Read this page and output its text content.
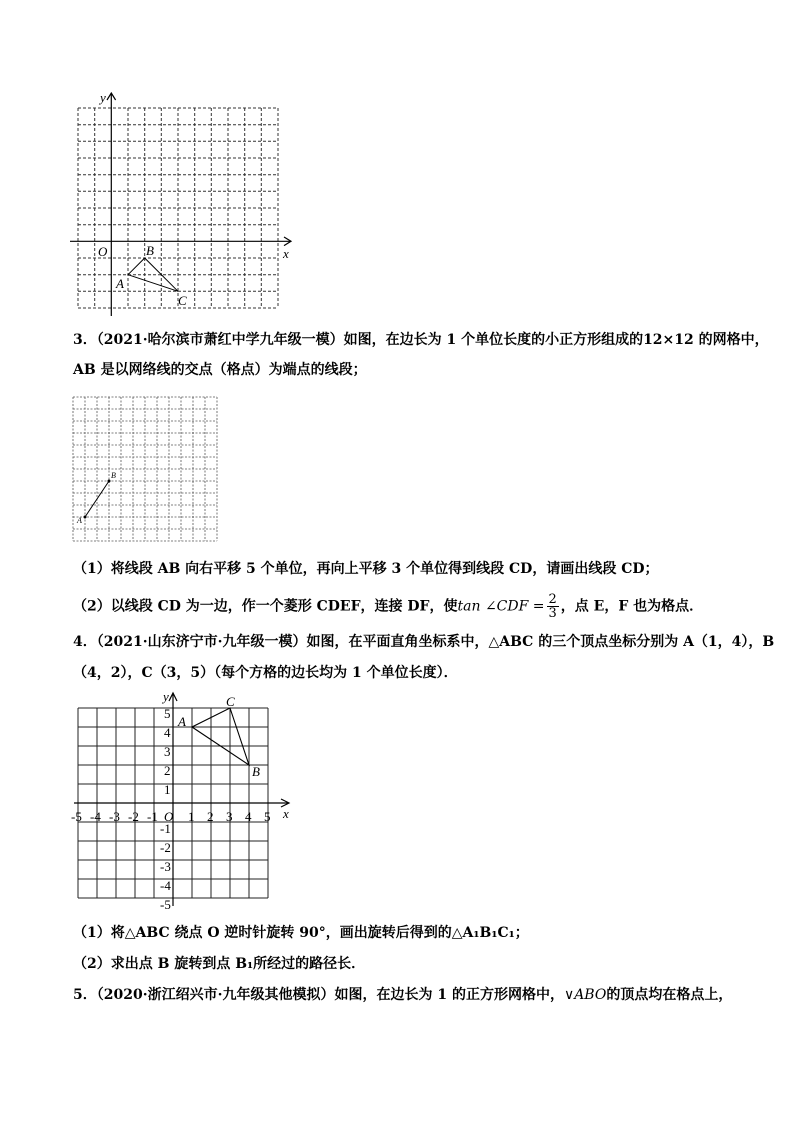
x
y
O
A
B
C
3．（2021·哈尔滨市萧红中学九年级一模）如图，在边长为 1 个单位长度的小正方形组成的12×12 的网格中，
AB 是以网络线的交点（格点）为端点的线段；
A
B
（1）将线段 AB 向右平移 5 个单位，再向上平移 3 个单位得到线段 CD，请画出线段 CD；
（2）以线段 CD 为一边，作一个菱形 CDEF，连接 DF，使tan ∠CDF = $\frac{2}{3}$ ，点 E，F 也为格点．
4．（2021·山东济宁市·九年级一模）如图，在平面直角坐标系中，△ABC 的三个顶点坐标分别为 A（1，4），B
（4，2），C（3，5）（每个方格的边长均为 1 个单位长度）．
-5 -4 -3 -2 -1 1 2 3 4 5
5
4
3
2
1
-1
-2
-3
-4
-5
x
y
O
A
B
C
（1）将△ABC 绕点 O 逆时针旋转 90°，画出旋转后得到的△A₁B₁C₁；
（2）求出点 B 旋转到点 B₁所经过的路径长．
5．（2020·浙江绍兴市·九年级其他模拟）如图，在边长为 1 的正方形网格中，∨ABO的顶点均在格点上，
